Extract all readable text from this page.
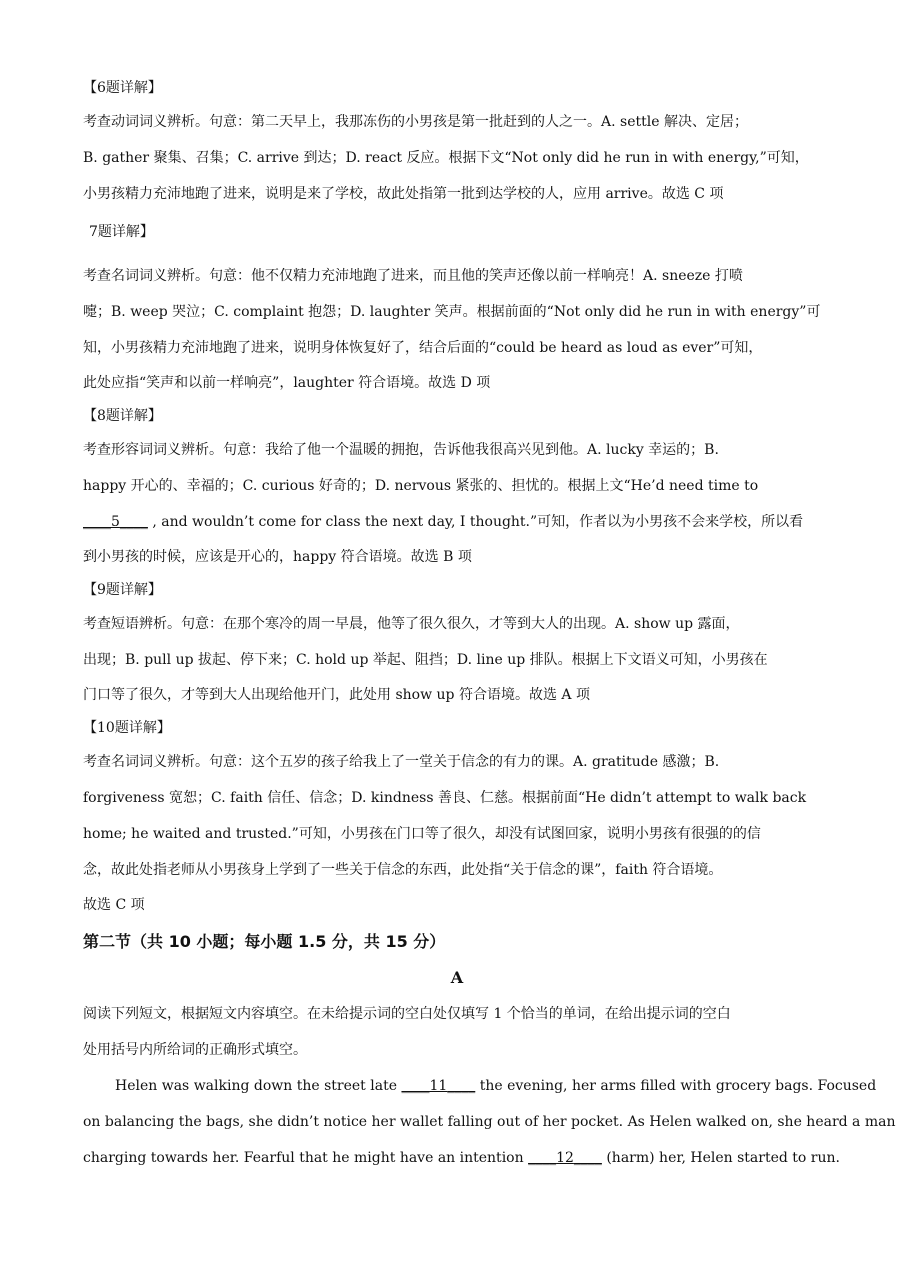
【6题详解】

考查动词词义辨析。句意：第二天早上，我那冻伤的小男孩是第一批赶到的人之一。A. settle 解决、定居；

B. gather 聚集、召集；C. arrive 到达；D. react 反应。根据下文“Not only did he run in with energy,”可知，

小男孩精力充沛地跑了进来，说明是来了学校，故此处指第一批到达学校的人，应用 arrive。故选 C 项

7题详解】

考查名词词义辨析。句意：他不仅精力充沛地跑了进来，而且他的笑声还像以前一样响亮！A. sneeze 打喷

嚏；B. weep 哭泣；C. complaint 抱怨；D. laughter 笑声。根据前面的“Not only did he run in with energy”可

知，小男孩精力充沛地跑了进来，说明身体恢复好了，结合后面的“could be heard as loud as ever”可知，

此处应指“笑声和以前一样响亮”，laughter 符合语境。故选 D 项

【8题详解】

考查形容词词义辨析。句意：我给了他一个温暖的拥抱，告诉他我很高兴见到他。A. lucky 幸运的；B.

happy 开心的、幸福的；C. curious 好奇的；D. nervous 紧张的、担忧的。根据上文“He’d need time to

____5____ , and wouldn’t come for class the next day, I thought.”可知，作者以为小男孩不会来学校，所以看

到小男孩的时候，应该是开心的，happy 符合语境。故选 B 项

【9题详解】

考查短语辨析。句意：在那个寒冷的周一早晨，他等了很久很久，才等到大人的出现。A. show up 露面，

出现；B. pull up 拔起、停下来；C. hold up 举起、阻挡；D. line up 排队。根据上下文语义可知，小男孩在

门口等了很久，才等到大人出现给他开门，此处用 show up 符合语境。故选 A 项

【10题详解】

考查名词词义辨析。句意：这个五岁的孩子给我上了一堂关于信念的有力的课。A. gratitude 感激；B.

forgiveness 宽恕；C. faith 信任、信念；D. kindness 善良、仁慈。根据前面“He didn’t attempt to walk back

home; he waited and trusted.”可知，小男孩在门口等了很久，却没有试图回家，说明小男孩有很强的的信

念，故此处指老师从小男孩身上学到了一些关于信念的东西，此处指“关于信念的课”，faith 符合语境。

故选 C 项

第二节（共 10 小题；每小题 1.5 分，共 15 分）

A

阅读下列短文，根据短文内容填空。在未给提示词的空白处仅填写 1 个恰当的单词，在给出提示词的空白

处用括号内所给词的正确形式填空。

Helen was walking down the street late ____11____ the evening, her arms filled with grocery bags. Focused

on balancing the bags, she didn’t notice her wallet falling out of her pocket. As Helen walked on, she heard a man

charging towards her. Fearful that he might have an intention ____12____ (harm) her, Helen started to run.
